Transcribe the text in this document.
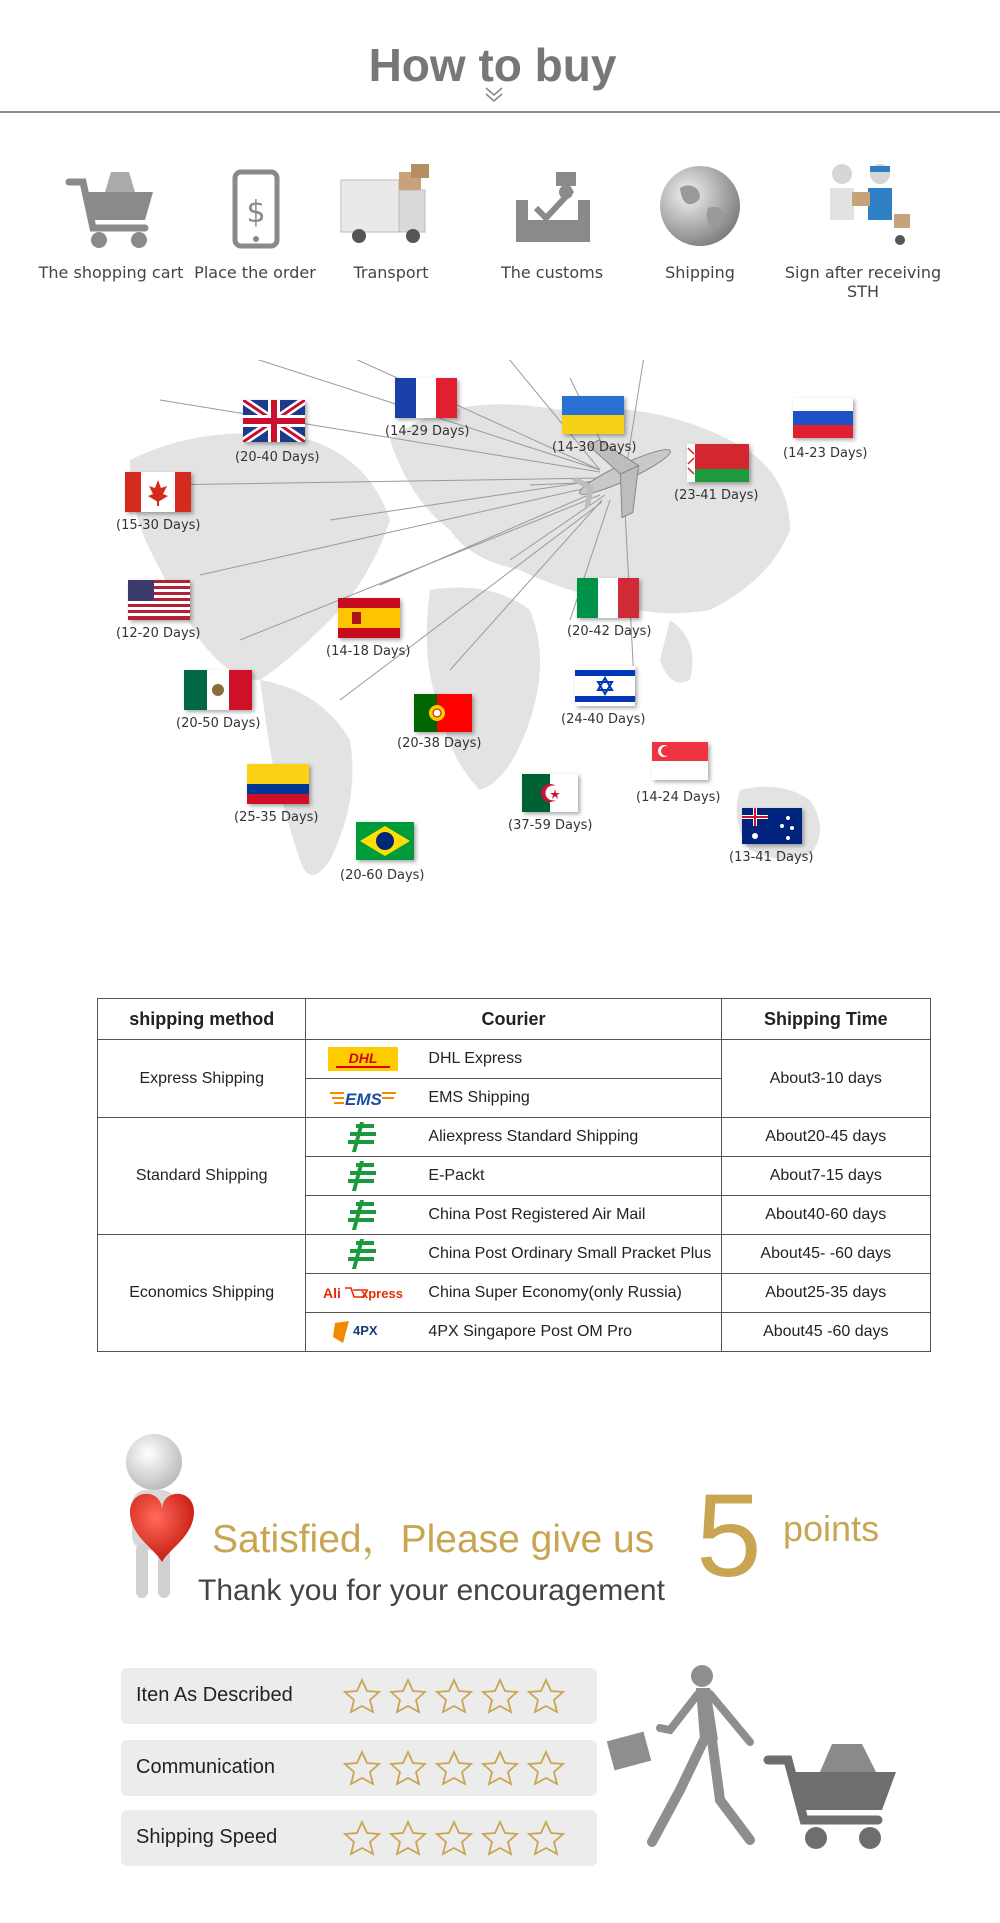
How to buy
The shopping cart
$
Place the order	Transport	The customs	Shipping	Sign after receiving STH
(20-40 Days)
(14-29 Days)
(14-30 Days)	(14-23 Days)
(23-41 Days)
(15-30 Days)
(12-20 Days)
(14-18 Days)
(20-42 Days)
(20-50 Days)
(20-38 Days)
(24-40 Days)
(14-24 Days)
(25-35 Days)
(37-59 Days)
(13-41 Days)
(20-60 Days)
shipping method	Courier	Shipping Time
Express Shipping	DHL DHL Express	About3-10 days

EMS EMS Shipping	

Standard Shipping	Aliexpress Standard Shipping	About20-45 days

	E-Packt	About7-15 days

	China Post Registered Air Mail	About40-60 days
Economics Shipping	China Post Ordinary Small Pracket Plus	About45- -60 days

Ali xpress China Super Economy(only Russia)	About25-35 days

4PX 4PX Singapore Post OM Pro	About45 -60 days
Satisfied，Please give us 5 points
Thank you for your encouragement
Iten As Described
Communication
Shipping Speed
